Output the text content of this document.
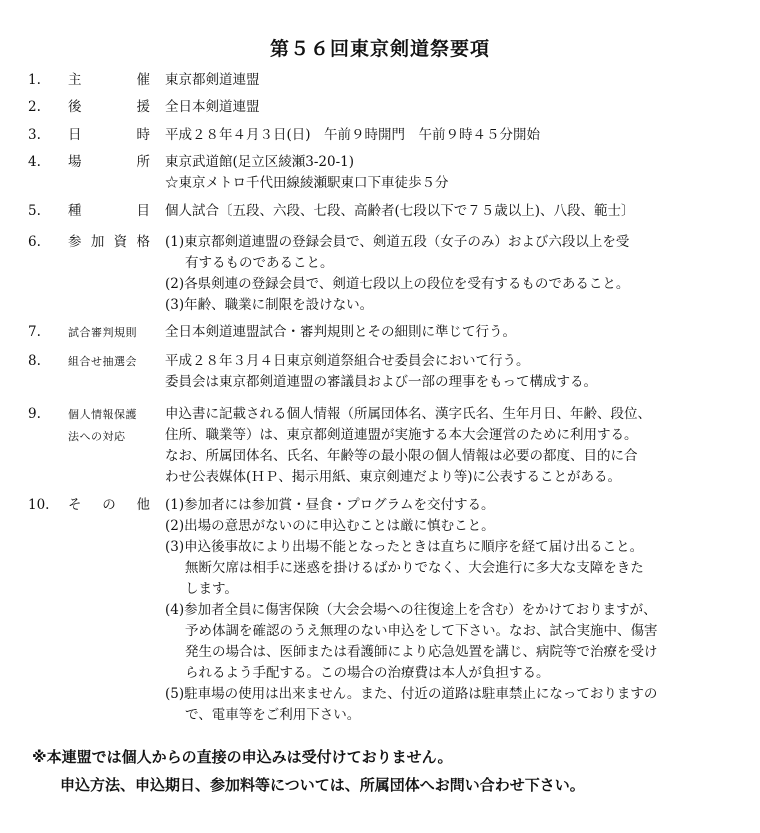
第５６回東京剣道祭要項
1. 主	催 東京都剣道連盟
2. 後	援 全日本剣道連盟
3. 日	時 平成２８年４月３日(日)　午前９時開門　午前９時４５分開始
4. 場	所 東京武道館(足立区綾瀬3-20-1)
☆東京メトロ千代田線綾瀬駅東口下車徒歩５分
5. 種	目 個人試合〔五段、六段、七段、高齢者(七段以下で７５歳以上)、八段、範士〕
6. 参 加 資 格 (1)東京都剣道連盟の登録会員で、剣道五段（女子のみ）および六段以上を受
有するものであること。
(2)各県剣連の登録会員で、剣道七段以上の段位を受有するものであること。
(3)年齢、職業に制限を設けない。
7. 試合審判規則	全日本剣道連盟試合・審判規則とその細則に準じて行う。
8. 組合せ抽選会	平成２８年３月４日東京剣道祭組合せ委員会において行う。
委員会は東京都剣道連盟の審議員および一部の理事をもって構成する。
9. 個人情報保護
法への対応
申込書に記載される個人情報（所属団体名、漢字氏名、生年月日、年齢、段位、
住所、職業等）は、東京都剣道連盟が実施する本大会運営のために利用する。
なお、所属団体名、氏名、年齢等の最小限の個人情報は必要の都度、目的に合
わせ公表媒体(ＨＰ、掲示用紙、東京剣連だより等)に公表することがある。
10. そ の 他 (1)参加者には参加賞・昼食・プログラムを交付する。
(2)出場の意思がないのに申込むことは厳に慎むこと。
(3)申込後事故により出場不能となったときは直ちに順序を経て届け出ること。
無断欠席は相手に迷惑を掛けるばかりでなく、大会進行に多大な支障をきた
します。
(4)参加者全員に傷害保険（大会会場への往復途上を含む）をかけておりますが、
予め体調を確認のうえ無理のない申込をして下さい。なお、試合実施中、傷害
発生の場合は、医師または看護師により応急処置を講じ、病院等で治療を受け
られるよう手配する。この場合の治療費は本人が負担する。
(5)駐車場の使用は出来ません。また、付近の道路は駐車禁止になっておりますの
で、電車等をご利用下さい。
※本連盟では個人からの直接の申込みは受付けておりません。
申込方法、申込期日、参加料等については、所属団体へお問い合わせ下さい。
